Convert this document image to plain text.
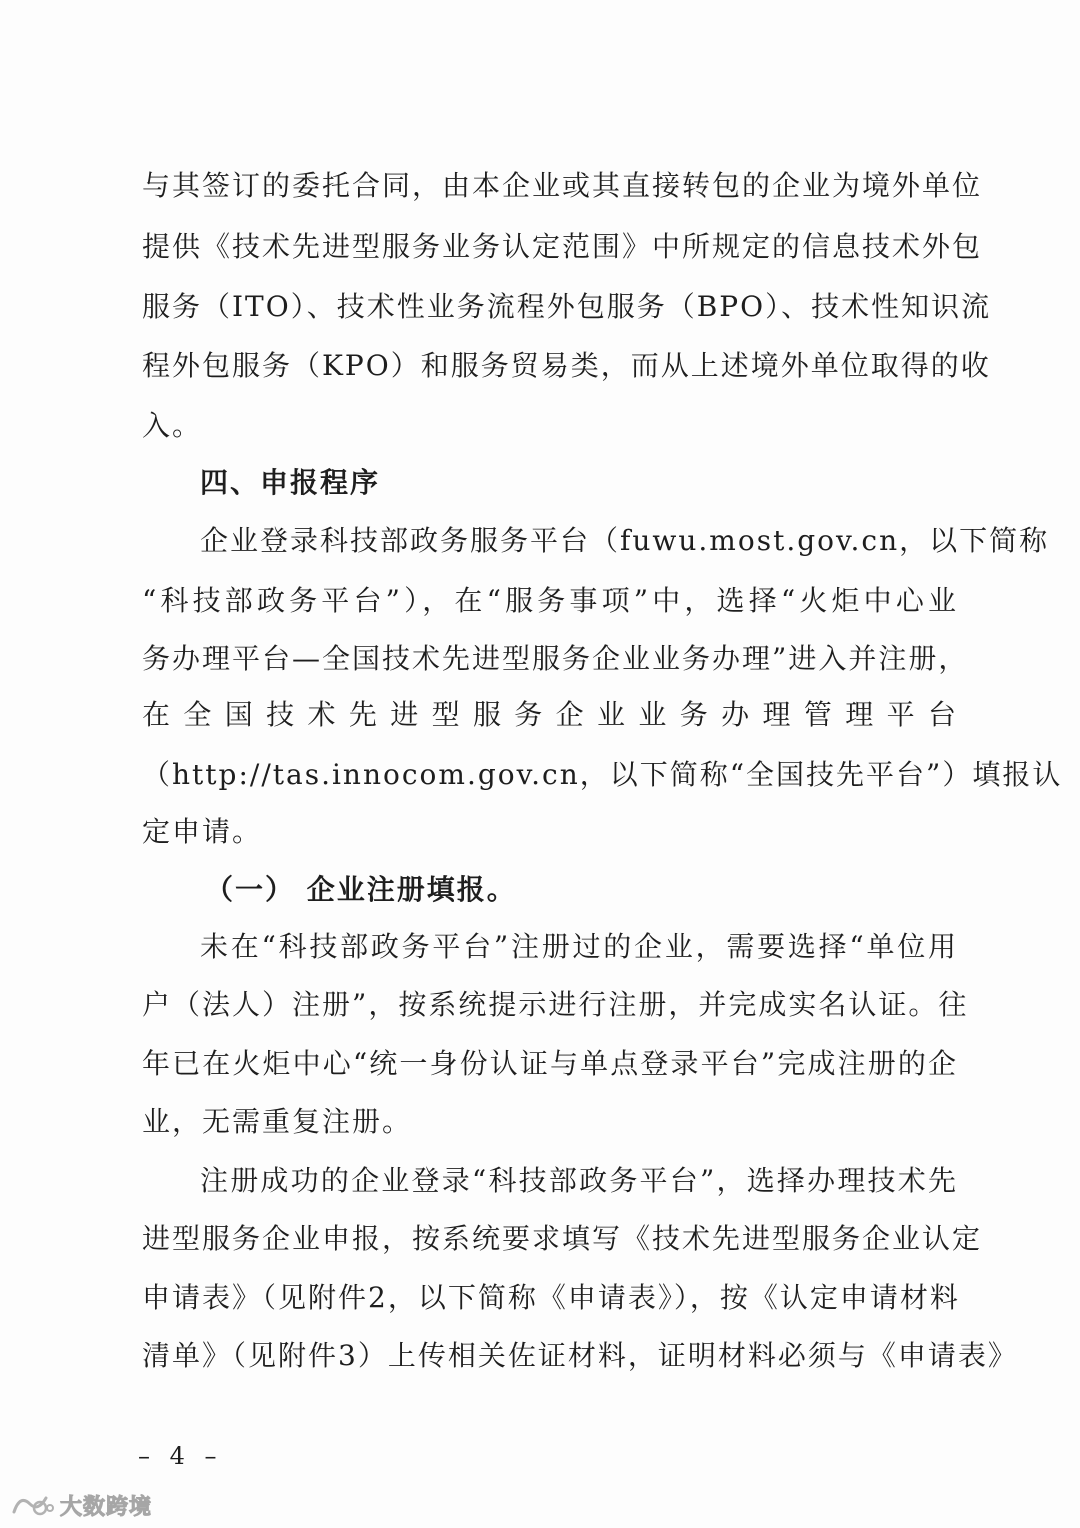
与其签订的委托合同，由本企业或其直接转包的企业为境外单位
提供《技术先进型服务业务认定范围》中所规定的信息技术外包
服务（ITO）、技术性业务流程外包服务（BPO）、技术性知识流
程外包服务（KPO）和服务贸易类，而从上述境外单位取得的收
入。
四、申报程序
企业登录科技部政务服务平台（fuwu.most.gov.cn，以下简称
“科技部政务平台”），在“服务事项”中，选择“火炬中心业
务办理平台—全国技术先进型服务企业业务办理”进入并注册，
在全国技术先进型服务企业业务办理管理平台
（http://tas.innocom.gov.cn，以下简称“全国技先平台”）填报认
定申请。
（一） 企业注册填报。
未在“科技部政务平台”注册过的企业，需要选择“单位用
户（法人）注册”，按系统提示进行注册，并完成实名认证。往
年已在火炬中心“统一身份认证与单点登录平台”完成注册的企
业，无需重复注册。
注册成功的企业登录“科技部政务平台”，选择办理技术先
进型服务企业申报，按系统要求填写《技术先进型服务企业认定
申请表》（见附件2，以下简称《申请表》），按《认定申请材料
清单》（见附件3）上传相关佐证材料，证明材料必须与《申请表》
– 4 –
大数跨境
